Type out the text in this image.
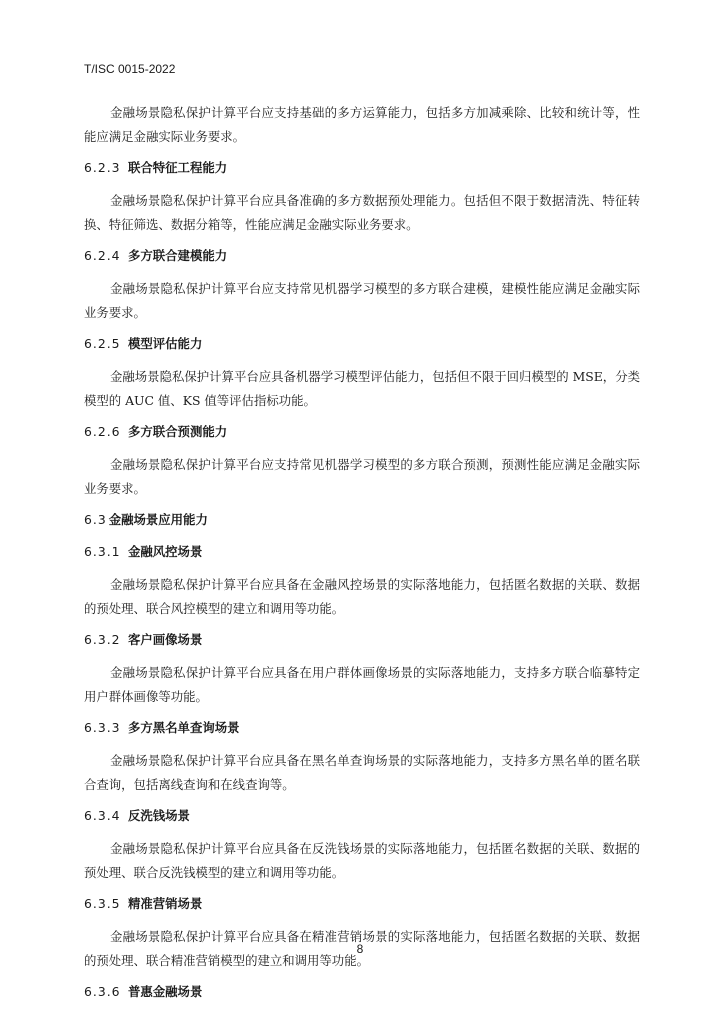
T/ISC 0015-2022

金融场景隐私保护计算平台应支持基础的多方运算能力，包括多方加减乘除、比较和统计等，性能应满足金融实际业务要求。

6.2.3 联合特征工程能力

金融场景隐私保护计算平台应具备准确的多方数据预处理能力。包括但不限于数据清洗、特征转换、特征筛选、数据分箱等，性能应满足金融实际业务要求。

6.2.4 多方联合建模能力

金融场景隐私保护计算平台应支持常见机器学习模型的多方联合建模，建模性能应满足金融实际业务要求。

6.2.5 模型评估能力

金融场景隐私保护计算平台应具备机器学习模型评估能力，包括但不限于回归模型的 MSE，分类模型的 AUC 值、KS 值等评估指标功能。

6.2.6 多方联合预测能力

金融场景隐私保护计算平台应支持常见机器学习模型的多方联合预测，预测性能应满足金融实际业务要求。

6.3 金融场景应用能力
6.3.1 金融风控场景

金融场景隐私保护计算平台应具备在金融风控场景的实际落地能力，包括匿名数据的关联、数据的预处理、联合风控模型的建立和调用等功能。

6.3.2 客户画像场景

金融场景隐私保护计算平台应具备在用户群体画像场景的实际落地能力，支持多方联合临摹特定用户群体画像等功能。

6.3.3 多方黑名单查询场景

金融场景隐私保护计算平台应具备在黑名单查询场景的实际落地能力，支持多方黑名单的匿名联合查询，包括离线查询和在线查询等。

6.3.4 反洗钱场景

金融场景隐私保护计算平台应具备在反洗钱场景的实际落地能力，包括匿名数据的关联、数据的预处理、联合反洗钱模型的建立和调用等功能。

6.3.5 精准营销场景

金融场景隐私保护计算平台应具备在精准营销场景的实际落地能力，包括匿名数据的关联、数据的预处理、联合精准营销模型的建立和调用等功能。

6.3.6 普惠金融场景
8
